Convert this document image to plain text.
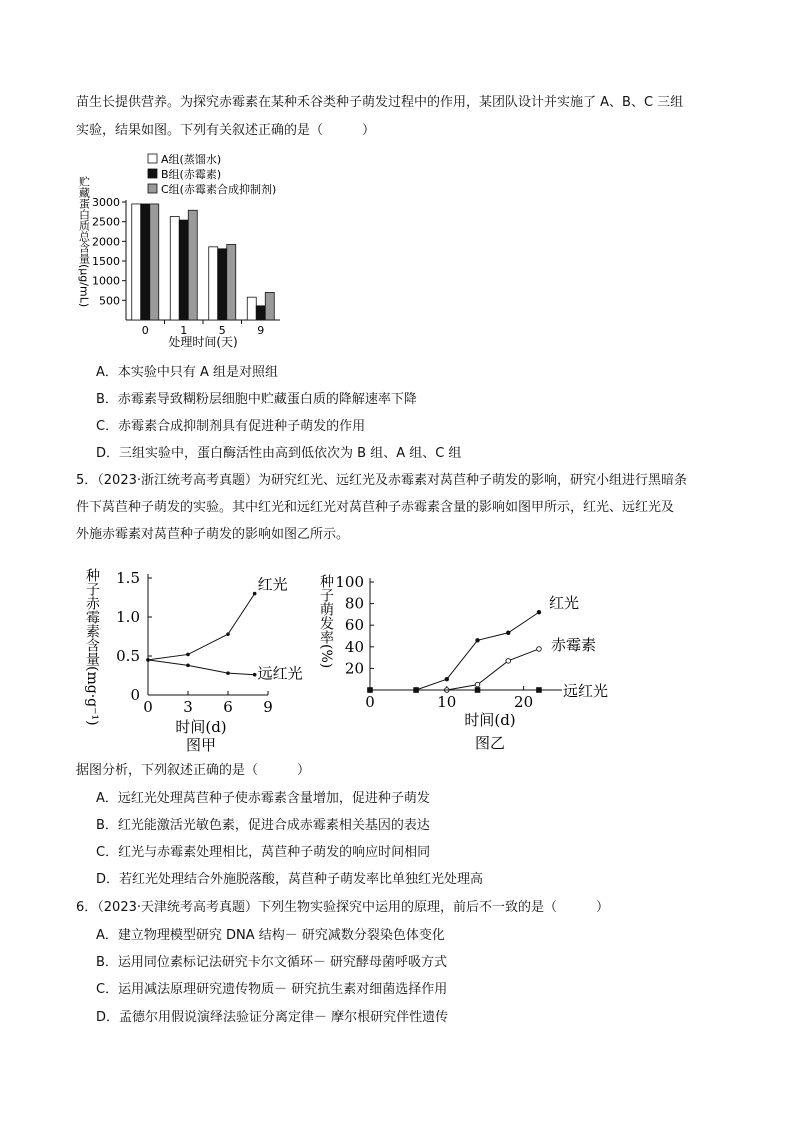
苗生长提供营养。为探究赤霉素在某种禾谷类种子萌发过程中的作用，某团队设计并实施了 A、B、C 三组
实验，结果如图。下列有关叙述正确的是（　　　）
A组(蒸馏水)
B组(赤霉素)
C组(赤霉素合成抑制剂)
500
1000
1500
2000
2500
3000
0	1	5	9
贮藏蛋白质总含量(μg/mL)
处理时间(天)
A．本实验中只有 A 组是对照组
B．赤霉素导致糊粉层细胞中贮藏蛋白质的降解速率下降
C．赤霉素合成抑制剂具有促进种子萌发的作用
D．三组实验中，蛋白酶活性由高到低依次为 B 组、A 组、C 组
5．（2023·浙江统考高考真题）为研究红光、远红光及赤霉素对莴苣种子萌发的影响，研究小组进行黑暗条
件下莴苣种子萌发的实验。其中红光和远红光对莴苣种子赤霉素含量的影响如图甲所示，红光、远红光及
外施赤霉素对莴苣种子萌发的影响如图乙所示。
0
0.5
1.0
1.5
0 3 6 9
红光
远红光
种子赤霉素含量(mg·g⁻¹)
时间(d)
图甲
20
40
60
80
100
0	10	20
红光
赤霉素
远红光
种子萌发率(%)
时间(d)
图乙
据图分析，下列叙述正确的是（　　　）
A．远红光处理莴苣种子使赤霉素含量增加，促进种子萌发
B．红光能激活光敏色素，促进合成赤霉素相关基因的表达
C．红光与赤霉素处理相比，莴苣种子萌发的响应时间相同
D．若红光处理结合外施脱落酸，莴苣种子萌发率比单独红光处理高
6．（2023·天津统考高考真题）下列生物实验探究中运用的原理，前后不一致的是（　　　）
A．建立物理模型研究 DNA 结构－ 研究减数分裂染色体变化
B．运用同位素标记法研究卡尔文循环－ 研究酵母菌呼吸方式
C．运用减法原理研究遗传物质－ 研究抗生素对细菌选择作用
D．孟德尔用假说演绎法验证分离定律－ 摩尔根研究伴性遗传
